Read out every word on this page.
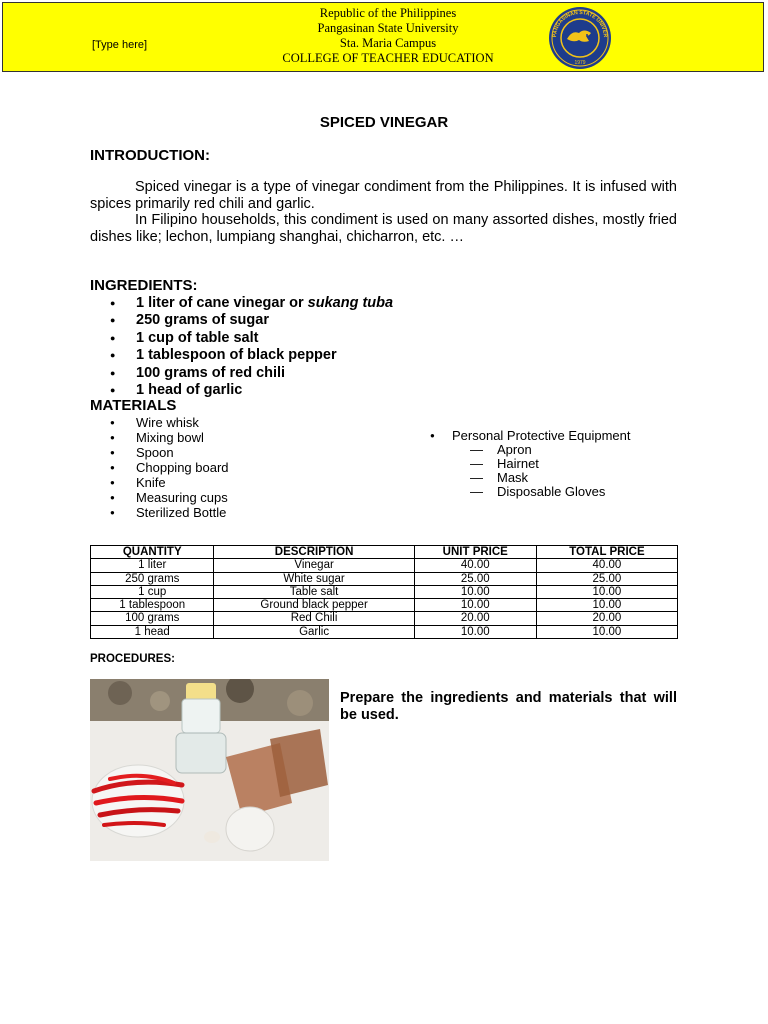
[Type here]
Republic of the Philippines
Pangasinan State University
Sta. Maria Campus
COLLEGE OF TEACHER EDUCATION
PANGASINAN STATE UNIVER
1979
SPICED VINEGAR
INTRODUCTION:
Spiced vinegar is a type of vinegar condiment from the Philippines. It is infused with spices primarily red chili and garlic.
In Filipino households, this condiment is used on many assorted dishes, mostly fried dishes like; lechon, lumpiang shanghai, chicharron, etc. …
INGREDIENTS:
● 1 liter of cane vinegar or sukang tuba
● 250 grams of sugar
● 1 cup of table salt
● 1 tablespoon of black pepper
● 100 grams of red chili
● 1 head of garlic
MATERIALS
● Wire whisk
● Mixing bowl
● Spoon
● Chopping board
● Knife
● Measuring cups
● Sterilized Bottle
● Personal Protective Equipment
— Apron
— Hairnet
— Mask
— Disposable Gloves
QUANTITY	DESCRIPTION	UNIT PRICE	TOTAL PRICE
1 liter	Vinegar	40.00	40.00
250 grams	White sugar	25.00	25.00
1 cup	Table salt	10.00	10.00
1 tablespoon	Ground black pepper	10.00	10.00
100 grams	Red Chili	20.00	20.00
1 head	Garlic	10.00	10.00
PROCEDURES:
Prepare the ingredients and materials that will be used.
